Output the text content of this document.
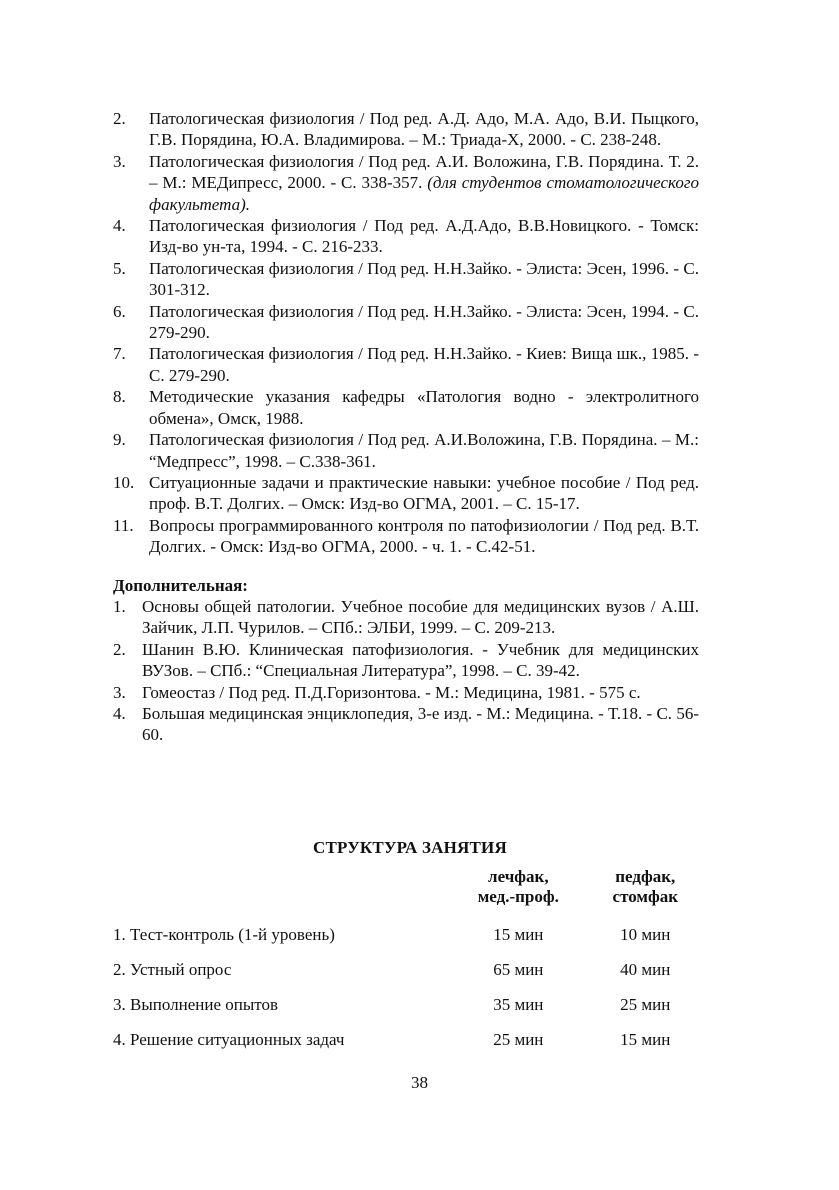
2. Патологическая физиология / Под ред. А.Д. Адо, М.А. Адо, В.И. Пыцкого, Г.В. Порядина, Ю.А. Владимирова. – М.: Триада-Х, 2000. - С. 238-248.
3. Патологическая физиология / Под ред. А.И. Воложина, Г.В. Порядина. Т. 2. – М.: МЕДипресс, 2000. - С. 338-357. (для студентов стоматологического факультета).
4. Патологическая физиология / Под ред. А.Д.Адо, В.В.Новицкого. - Томск: Изд-во ун-та, 1994. - С. 216-233.
5. Патологическая физиология / Под ред. Н.Н.Зайко. - Элиста: Эсен, 1996. - С. 301-312.
6. Патологическая физиология / Под ред. Н.Н.Зайко. - Элиста: Эсен, 1994. - С. 279-290.
7. Патологическая физиология / Под ред. Н.Н.Зайко. - Киев: Вища шк., 1985. - С. 279-290.
8. Методические указания кафедры «Патология водно - электролитного обмена», Омск, 1988.
9. Патологическая физиология / Под ред. А.И.Воложина, Г.В. Порядина. – М.: “Медпресс”, 1998. – С.338-361.
10. Ситуационные задачи и практические навыки: учебное пособие / Под ред. проф. В.Т. Долгих. – Омск: Изд-во ОГМА, 2001. – С. 15-17.
11. Вопросы программированного контроля по патофизиологии / Под ред. В.Т. Долгих. - Омск: Изд-во ОГМА, 2000. - ч. 1. - С.42-51.
Дополнительная:
1. Основы общей патологии. Учебное пособие для медицинских вузов / А.Ш. Зайчик, Л.П. Чурилов. – СПб.: ЭЛБИ, 1999. – С. 209-213.
2. Шанин В.Ю. Клиническая патофизиология. - Учебник для медицинских ВУЗов. – СПб.: “Специальная Литература”, 1998. – С. 39-42.
3. Гомеостаз / Под ред. П.Д.Горизонтова. - М.: Медицина, 1981. - 575 с.
4. Большая медицинская энциклопедия, 3-е изд. - М.: Медицина. - Т.18. - С. 56-60.
СТРУКТУРА ЗАНЯТИЯ
лечфак,
мед.-проф.
педфак,
стомфак
1. Тест-контроль (1-й уровень)	15 мин	10 мин
2. Устный опрос	65 мин	40 мин
3. Выполнение опытов	35 мин	25 мин
4. Решение ситуационных задач	25 мин	15 мин
38
